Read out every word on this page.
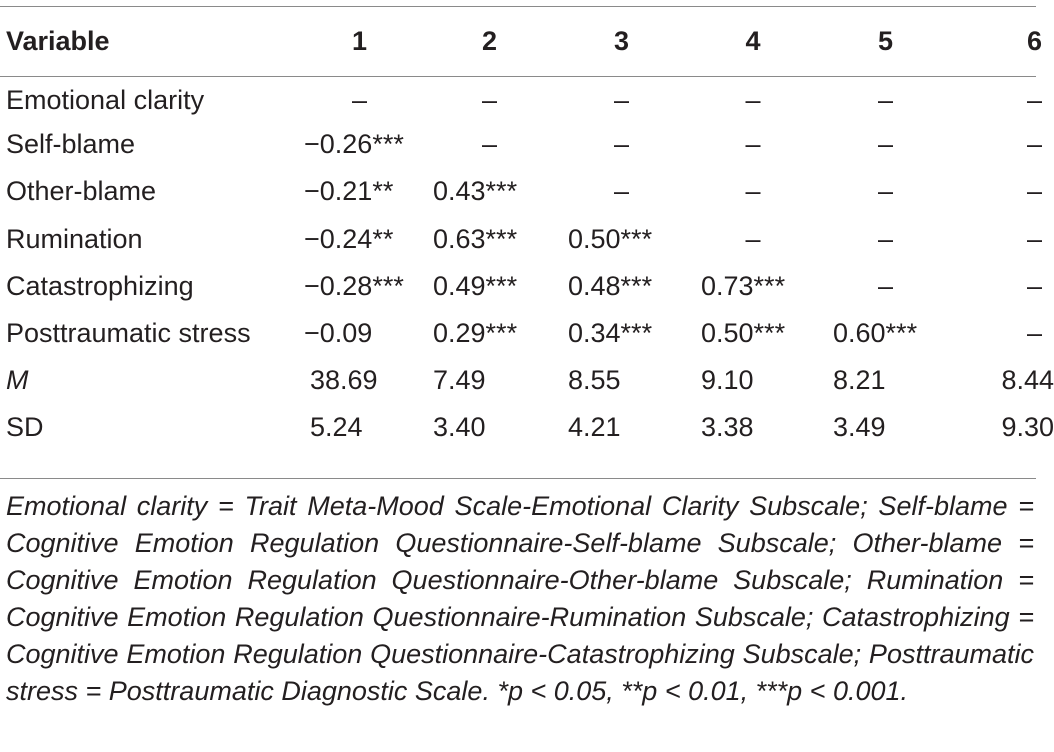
Variable	1	2	3	4	5	6
Emotional clarity	–	–	–	–	–	–
Self-blame	−0.26***	–	–	–	–	–
Other-blame	−0.21**	0.43***	–	–	–	–
Rumination	−0.24**	0.63***	0.50***	–	–	–
Catastrophizing	−0.28***	0.49***	0.48***	0.73***	–	–
Posttraumatic stress	−0.09	0.29***	0.34***	0.50***	0.60***	–
M	38.69	7.49	8.55	9.10	8.21	8.44
SD	5.24	3.40	4.21	3.38	3.49	9.30
Emotional clarity = Trait Meta-Mood Scale-Emotional Clarity Subscale; Self-blame = Cognitive Emotion Regulation Questionnaire-Self-blame Subscale; Other-blame = Cognitive Emotion Regulation Questionnaire-Other-blame Subscale; Rumination = Cognitive Emotion Regulation Questionnaire-Rumination Subscale; Catastrophizing = Cognitive Emotion Regulation Questionnaire-Catastrophizing Subscale; Posttraumatic stress = Posttraumatic Diagnostic Scale. *p < 0.05, **p < 0.01, ***p < 0.001.
